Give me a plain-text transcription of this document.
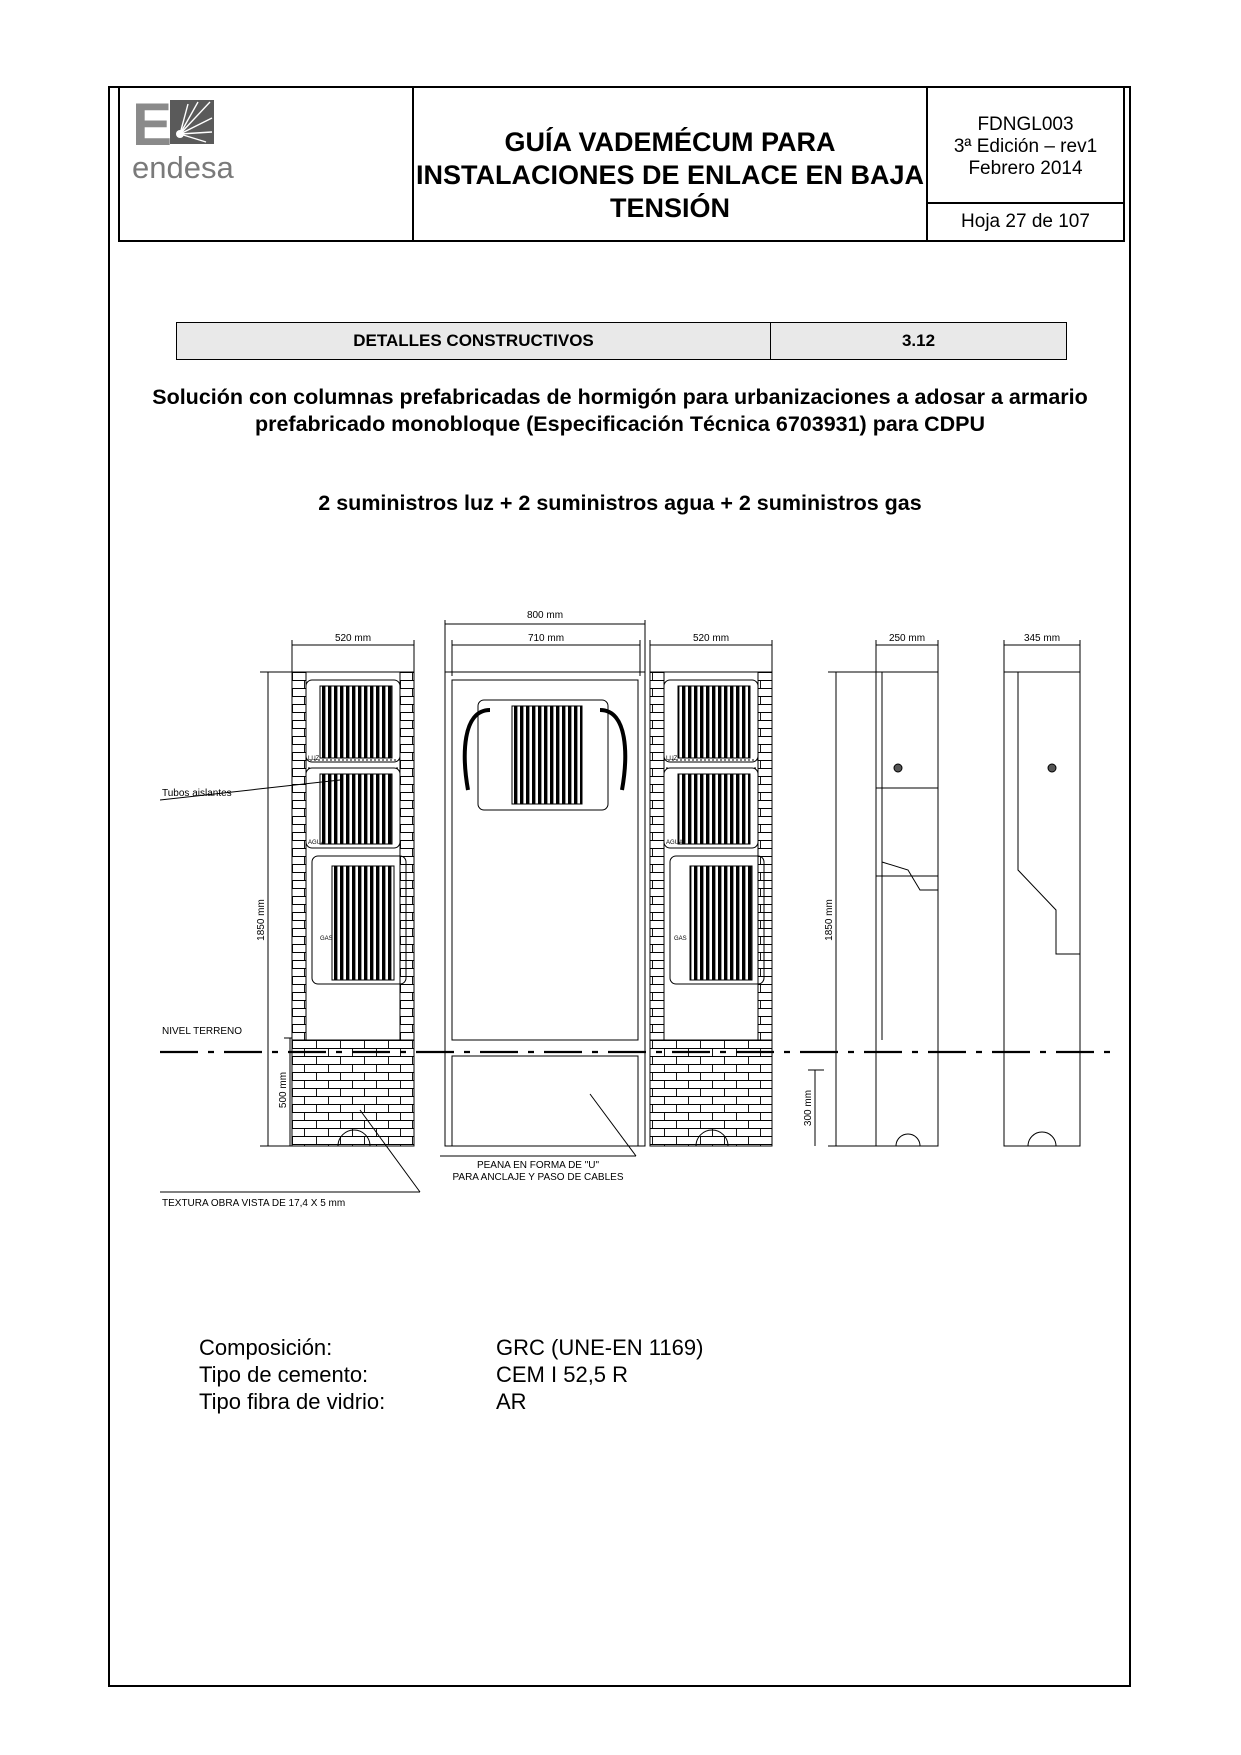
E
endesa
GUÍA VADEMÉCUM PARA INSTALACIONES DE ENLACE EN BAJA TENSIÓN
FDNGL003
3ª Edición – rev1
Febrero 2014
Hoja 27 de 107
DETALLES CONSTRUCTIVOS	3.12
Solución con columnas prefabricadas de hormigón para urbanizaciones a adosar a armario prefabricado monobloque (Especificación Técnica 6703931) para CDPU
2 suministros luz + 2 suministros agua + 2 suministros gas
800 mm
520 mm	710 mm	520 mm	250 mm	345 mm
1850 mm
500 mm
1850 mm
300 mm
Tubos aislantes
NIVEL TERRENO
TEXTURA OBRA VISTA DE 17,4 X 5 mm
PEANA EN FORMA DE "U"
PARA ANCLAJE Y PASO DE CABLES
LUZ
AGUA
GAS
LUZ
AGUA
GAS
Composición:	GRC (UNE-EN 1169)
Tipo de cemento:	CEM I 52,5 R
Tipo fibra de vidrio:	AR
